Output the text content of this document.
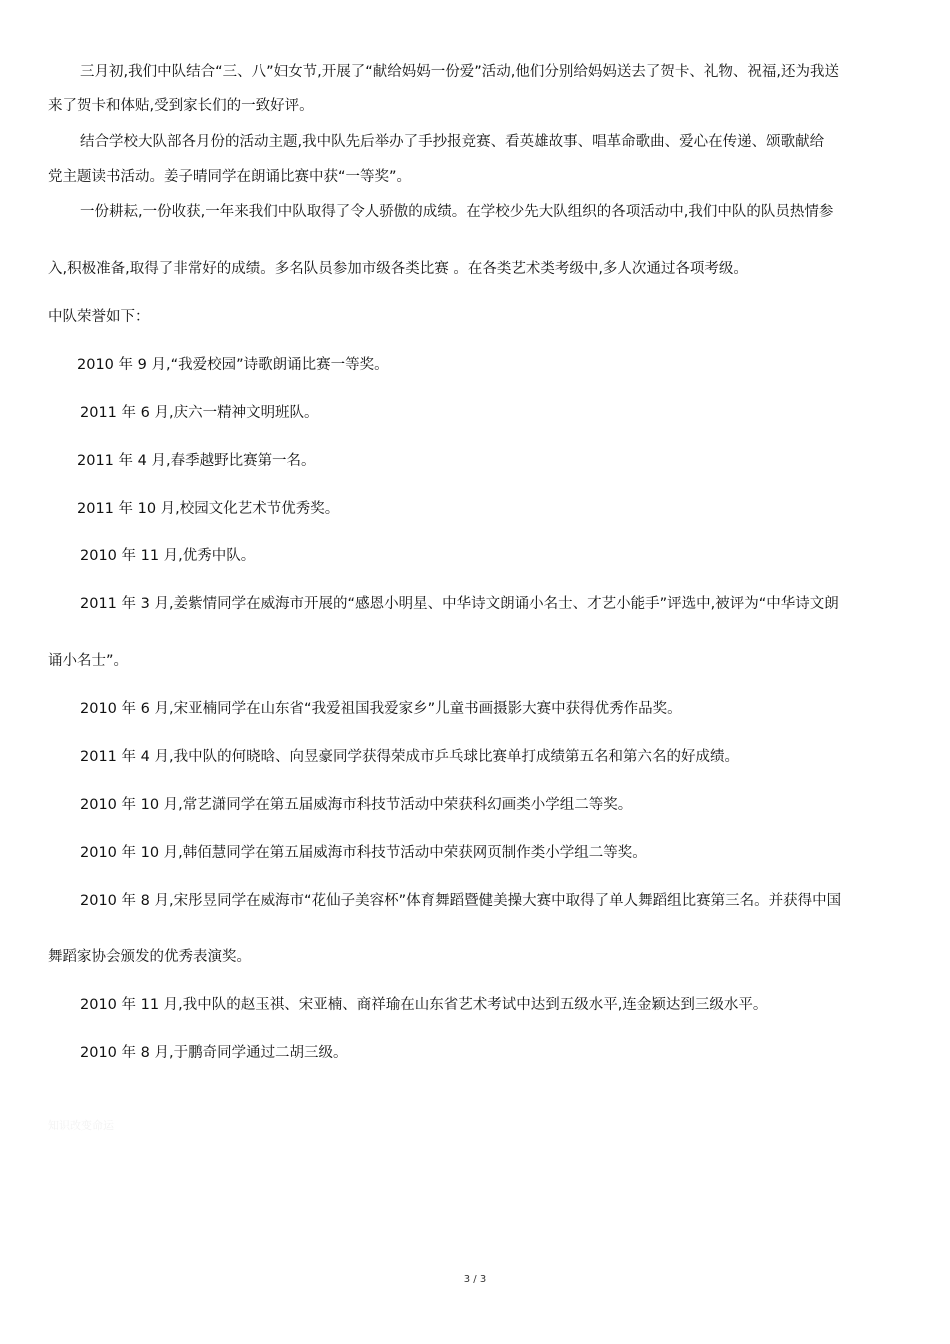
三月初,我们中队结合“三、八”妇女节,开展了“献给妈妈一份爱”活动,他们分别给妈妈送去了贺卡、礼物、祝福,还为我送
来了贺卡和体贴,受到家长们的一致好评。
结合学校大队部各月份的活动主题,我中队先后举办了手抄报竞赛、看英雄故事、唱革命歌曲、爱心在传递、颂歌献给
党主题读书活动。姜子晴同学在朗诵比赛中获“一等奖”。
一份耕耘,一份收获,一年来我们中队取得了令人骄傲的成绩。在学校少先大队组织的各项活动中,我们中队的队员热情参
入,积极准备,取得了非常好的成绩。多名队员参加市级各类比赛 。在各类艺术类考级中,多人次通过各项考级。
中队荣誉如下：
2010 年 9 月,“我爱校园”诗歌朗诵比赛一等奖。
2011 年 6 月,庆六一精神文明班队。
2011 年 4 月,春季越野比赛第一名。
2011 年 10 月,校园文化艺术节优秀奖。
2010 年 11 月,优秀中队。
2011 年 3 月,姜紫情同学在威海市开展的“感恩小明星、中华诗文朗诵小名士、才艺小能手”评选中,被评为“中华诗文朗
诵小名士”。
2010 年 6 月,宋亚楠同学在山东省“我爱祖国我爱家乡”儿童书画摄影大赛中获得优秀作品奖。
2011 年 4 月,我中队的何晓晗、向昱豪同学获得荣成市乒乓球比赛单打成绩第五名和第六名的好成绩。
2010 年 10 月,常艺潇同学在第五届威海市科技节活动中荣获科幻画类小学组二等奖。
2010 年 10 月,韩佰慧同学在第五届威海市科技节活动中荣获网页制作类小学组二等奖。
2010 年 8 月,宋彤昱同学在威海市“花仙子美容杯”体育舞蹈暨健美操大赛中取得了单人舞蹈组比赛第三名。并获得中国
舞蹈家协会颁发的优秀表演奖。
2010 年 11 月,我中队的赵玉祺、宋亚楠、商祥瑜在山东省艺术考试中达到五级水平,连金颖达到三级水平。
2010 年 8 月,于鹏奇同学通过二胡三级。
知识改变命运
3 / 3
